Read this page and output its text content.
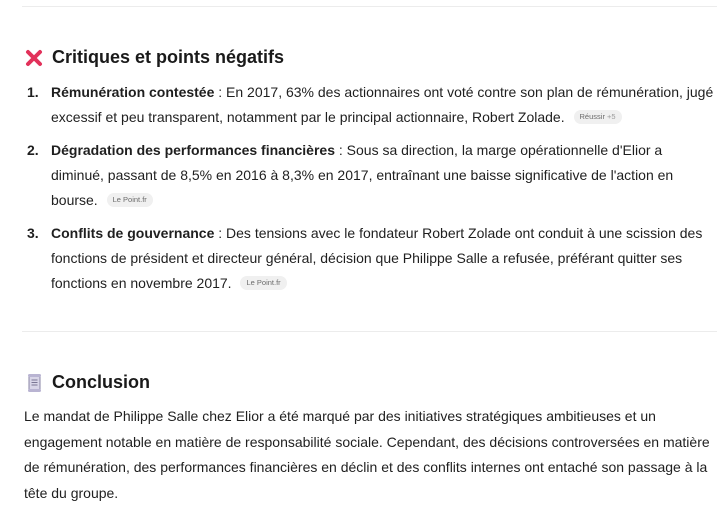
Critiques et points négatifs
1. Rémunération contestée : En 2017, 63% des actionnaires ont voté contre son plan de rémunération, jugé excessif et peu transparent, notamment par le principal actionnaire, Robert Zolade. Réussir +5
2. Dégradation des performances financières : Sous sa direction, la marge opérationnelle d'Elior a diminué, passant de 8,5% en 2016 à 8,3% en 2017, entraînant une baisse significative de l'action en bourse. Le Point.fr
3. Conflits de gouvernance : Des tensions avec le fondateur Robert Zolade ont conduit à une scission des fonctions de président et directeur général, décision que Philippe Salle a refusée, préférant quitter ses fonctions en novembre 2017. Le Point.fr
Conclusion

Le mandat de Philippe Salle chez Elior a été marqué par des initiatives stratégiques ambitieuses et un engagement notable en matière de responsabilité sociale. Cependant, des décisions controversées en matière de rémunération, des performances financières en déclin et des conflits internes ont entaché son passage à la tête du groupe.
